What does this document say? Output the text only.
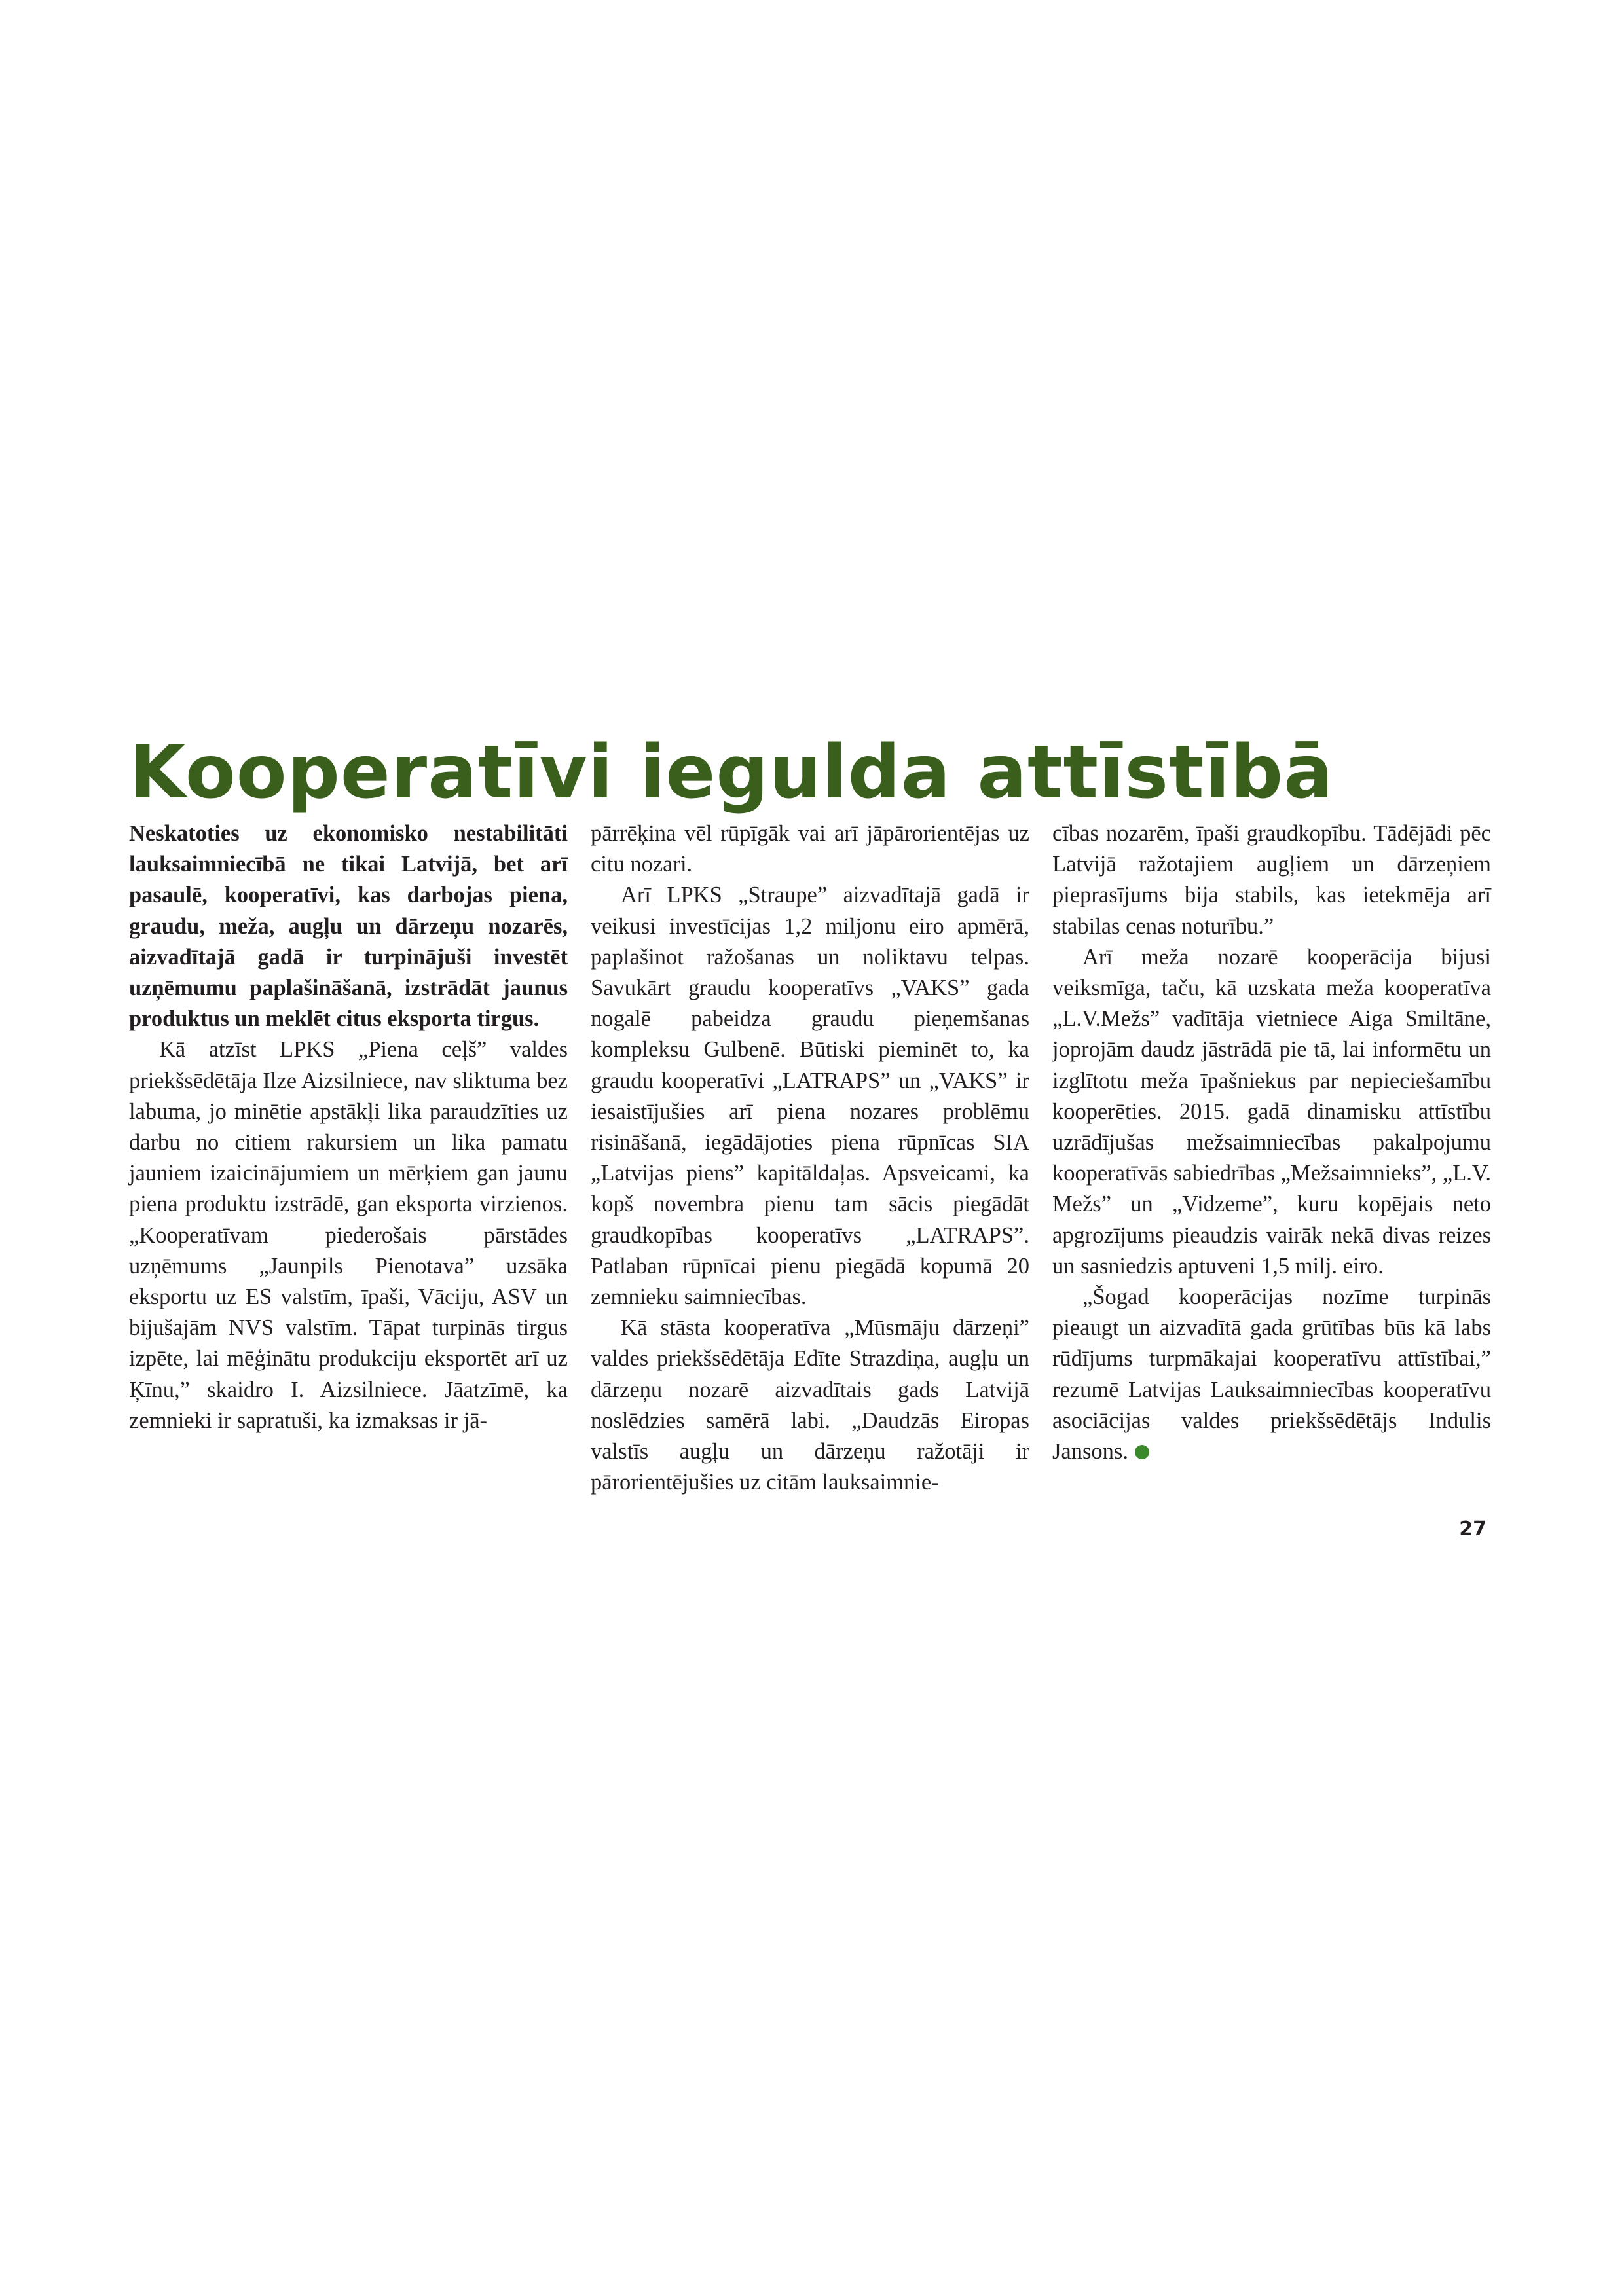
Kooperatīvi iegulda attīstībā

Neskatoties uz ekonomisko nestabilitāti lauksaimniecībā ne tikai Latvijā, bet arī pasaulē, kooperatīvi, kas darbojas piena, graudu, meža, augļu un dārzeņu nozarēs, aizvadītajā gadā ir turpinājuši investēt uzņēmumu paplašināšanā, izstrādāt jaunus produktus un meklēt citus eksporta tirgus.

Kā atzīst LPKS „Piena ceļš” valdes priekšsēdētāja Ilze Aizsilniece, nav sliktuma bez labuma, jo minētie apstākļi lika paraudzīties uz darbu no citiem rakursiem un lika pamatu jauniem izaicinājumiem un mērķiem gan jaunu piena produktu izstrādē, gan eksporta virzienos. „Kooperatīvam piederošais pārstādes uzņēmums „Jaunpils Pienotava” uzsāka eksportu uz ES valstīm, īpaši, Vāciju, ASV un bijušajām NVS valstīm. Tāpat turpinās tirgus izpēte, lai mēģinātu produkciju eksportēt arī uz Ķīnu,” skaidro I. Aizsilniece. Jāatzīmē, ka zemnieki ir sapratuši, ka izmaksas ir jā-

pārrēķina vēl rūpīgāk vai arī jāpārorientējas uz citu nozari.

Arī LPKS „Straupe” aizvadītajā gadā ir veikusi investīcijas 1,2 miljonu eiro apmērā, paplašinot ražošanas un noliktavu telpas. Savukārt graudu kooperatīvs „VAKS” gada nogalē pabeidza graudu pieņemšanas kompleksu Gulbenē. Būtiski pieminēt to, ka graudu kooperatīvi „LATRAPS” un „VAKS” ir iesaistījušies arī piena nozares problēmu risināšanā, iegādājoties piena rūpnīcas SIA „Latvijas piens” kapitāldaļas. Apsveicami, ka kopš novembra pienu tam sācis piegādāt graudkopības kooperatīvs „LATRAPS”. Patlaban rūpnīcai pienu piegādā kopumā 20 zemnieku saimniecības.

Kā stāsta kooperatīva „Mūsmāju dārzeņi” valdes priekšsēdētāja Edīte Strazdiņa, augļu un dārzeņu nozarē aizvadītais gads Latvijā noslēdzies samērā labi. „Daudzās Eiropas valstīs augļu un dārzeņu ražotāji ir pārorientējušies uz citām lauksaimnie-

cības nozarēm, īpaši graudkopību. Tādējādi pēc Latvijā ražotajiem augļiem un dārzeņiem pieprasījums bija stabils, kas ietekmēja arī stabilas cenas noturību.”

Arī meža nozarē kooperācija bijusi veiksmīga, taču, kā uzskata meža kooperatīva „L.V.Mežs” vadītāja vietniece Aiga Smiltāne, joprojām daudz jāstrādā pie tā, lai informētu un izglītotu meža īpašniekus par nepieciešamību kooperēties. 2015. gadā dinamisku attīstību uzrādījušas mežsaimniecības pakalpojumu kooperatīvās sabiedrības „Mežsaimnieks”, „L.V. Mežs” un „Vidzeme”, kuru kopējais neto apgrozījums pieaudzis vairāk nekā divas reizes un sasniedzis aptuveni 1,5 milj. eiro.

„Šogad kooperācijas nozīme turpinās pieaugt un aizvadītā gada grūtības būs kā labs rūdījums turpmākajai kooperatīvu attīstībai,” rezumē Latvijas Lauksaimniecības kooperatīvu asociācijas valdes priekšsēdētājs Indulis Jansons.

27
